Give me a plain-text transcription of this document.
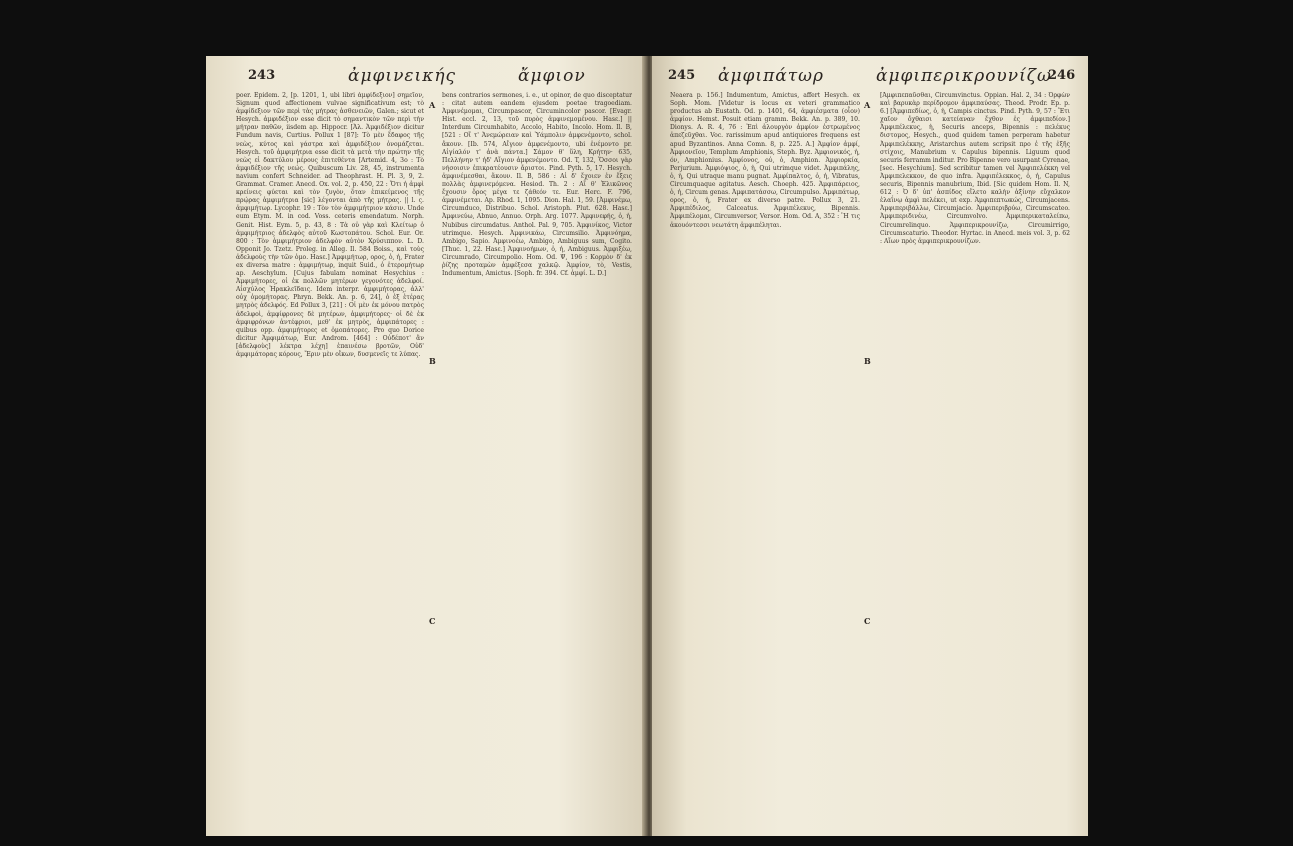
243	ἀμφινεικής	ἄμφιον

poer. Epidem. 2, [p. 1201, 1, ubi libri ἀμφίδεξιον] σημεῖον, Signum quod affectionem vulvae significativum est; τὸ ἀμφίδεξιον τῶν περὶ τὰς μήτρας ἀσθενειῶν, Galen.; sicut et Hesych. ἀμφιδέξιον esse dicit τὸ σημαντικὸν τῶν περὶ τὴν μήτραν παθῶν, iisdem ap. Hippocr. [Ἀλ. Ἀμφιδέξιον dicitur Fundum navis, Curtius. Pollux 1 [87]: Τὸ μὲν ἔδαφος τῆς νεὼς, κύτος καὶ γάστρα καὶ ἀμφιδέξιον ὀνομάζεται. Hesych. τοῦ ἀμφιμήτρια esse dicit τὰ μετὰ τὴν πρώτην τῆς νεὼς εἰ δακτύλου μέρους ἐπιτεθέντα [Artemid. 4, 3o : Τὸ ἀμφιδέξιον τῆς νεώς. Quibuscum Liv. 28, 45, instrumenta navium confert Schneider. ad Theophrast. H. Pl. 3, 9, 2. Grammat. Cramer. Anecd. Ox. vol. 2, p. 450, 22 : Ὅτι ἡ ἀμφὶ κρείνεις φύεται καὶ τὸν ζυγὸν, ὅταν ἐπικείμενος τῆς πρῴρας ἀμφιμήτρια [sic] λέγονται ἀπὸ τῆς μήτρας. || l. ς. ἀμφιμήτωρ. Lycophr. 19 : Τὸν τὸν ἀμφιμήτριον κάσιν. Unde eum Etym. M. in cod. Voss. ceteris emendatum. Norph. Genit. Hist. Eym. 5, p. 43, 8 : Τὰ οὐ γὰρ καὶ Κλείτωρ ὁ ἀμφιμήτριος ἀδελφὸς αὐτοῦ Κωστοπάτου. Schol. Eur. Or. 800 : Τὸν ἀμφιμήτριον ἀδελφὸν αὐτὸν Χρύσιππον. L. D. Opponit Jo. Tzetz. Proleg. in Alleg. Il. 584 Boiss., καὶ τοὺς ἀδελφοὺς τὴν τῶν ὁμο. Hasε.] Ἀμφιμήτωρ, ορος, ὁ, ἡ, Frater ex diversa matre : ἀμφιμήτωρ, inquit Suid., ὁ ἐτερομήτωρ ap. Aeschylum. [Cujus fabulam nominat Hesychius : Ἀμφιμήτορες, οἱ ἐκ πολλῶν μητέρων γεγονότες ἀδελφοί. Αἰσχύλος Ἡρακλεῖδαις. Idem interpr. ἀμφιμήτορας, ἀλλ' οὐχ ὁμομήτορας. Phryn. Bekk. An. p. 6, 24], ὁ ἐξ ἑτέρας μητρὸς ἀδελφός. Ed Pollux 3, [21] : Οἱ μὲν ἐκ μόνου πατρὸς ἀδελφοὶ, ἀμφίφρονες δὲ μητέρων, ἀμφιμήτορες· οἱ δὲ ἐκ ἀμφιφρόνων ἀντέφριοι, μεθ' ἐκ μητρὸς, ἀμφιπάτορες : quibus opp. ἀμφιμήτορες et ὁμοπάτορες. Pro quo Dorice dicitur Ἀμφιμάτωρ, Eur. Androm. [464] : Οὐδέποτ' ἂν [ἀδελφοὺς] λέκτρα λέχη] ἐπαινέσω βροτῶν, Οὐδ' ἀμφιμάτορας κόρους, Ἔριν μὲν οἴκων, δυσμενεῖς τε λύπας.

A
B
C

bens contrarios sermones, i. e., ut opinor, de quo disceptatur : citat autem eandem ejusdem poetae tragoediam. Ἀμφινέμομαι, Circumpascor, Circumincolor pascor. [Evagr. Hist. eccl. 2, 13, τοῦ πυρὸς ἀμφινεμομένου. Hasε.] || Interdum Circumhabito, Accolo, Habito, Incolo. Hom. Il. B, [521 : Οἵ τ' Ἀνεμώρειαν καὶ Ὑάμπολιν ἀμφενέμοντο, schol. ἄκουν. [Ib. 574, Αἴγιον ἀμφενέμοντο, ubi ἐνέμοντο pr. Αἰγίαλόν τ' ἀνὰ πάντα.] Σάμον θ' ὕλη, Κρήτην· 635, Πελλήνην τ' ἠδ' Αἴγιον ἀμφενέμοντο. Od. T, 132, Ὅσσοι γὰρ νήσοισιν ἐπικρατέουσιν ἄριστοι. Pind. Pyth. 5, 17. Hesych. ἀμφινέμεσθαι, ἄκουν. Il. B, 586 : Αἱ δ' ἔχοιεν ἐν ἕξεις πολλὰς ἀμφινεμόμενα. Hesiod. Th. 2 : Αἵ θ' Ἑλικῶνος ἔχουσιν ὄρος μέγα τε ζάθεόν τε. Eur. Herc. F. 796, ἀμφινέμεται. Ap. Rhod. 1, 1095. Dion. Hal. 1, 59. [Ἀμφινέμω, Circumduco, Distribuo. Schol. Aristoph. Plut. 628. Hasε.] Ἀμφινεύω, Abnuo, Annuo. Orph. Arg. 1077. Ἀμφινεφής, ὁ, ἡ, Nubibus circumdatus. Anthol. Pal. 9, 705. Ἀμφινίκος, Victor utrimque. Hesych. Ἀμφινικάω, Circumsilio. Ἀμφινόημα, Ambigo, Sapio. Ἀμφινοέω, Ambigo, Ambiguus sum, Cogito. [Thuc. 1, 22. Hasε.] Ἀμφινοήμων, ὁ, ἡ, Ambiguus. Ἀμφιξέω, Circumrado, Circumpolio. Hom. Od. Ψ, 196 : Κορμὸν δ' ἐκ ῥίζης προταμὼν ἀμφέξεσα χαλκῷ. Ἀμφίον, τὸ, Vestis, Indumentum, Amictus. [Soph. fr. 394. Cf. ἀμφί. L. D.]

245 ἀμφιπάτωρ	ἀμφιπερικρουνίζω
246

Neaera p. 156.] Indumentum, Amictus, affert Hesych. ex Soph. Mom. [Videtur is locus ex veteri grammatico productus ab Eustath. Od. p. 1401, 64, ἀμφιέσματα (οἷον) ἀμφίον. Hemst. Posuit etiam gramm. Bekk. An. p. 389, 10. Dionys. A. R. 4, 76 : Ἐπὶ ἀλουργὸν ἀμφίον ἐστρωμένος ἀπεζεῦχθαι. Voc. rarissimum apud antiquiores frequens est apud Byzantinos. Anna Comn. 8, p. 225. A.] Ἀμφίον ἀμφί, Ἀμφιονεῖον, Templum Amphionis, Steph. Byz. Ἀμφιονικός, ἡ, όν, Amphionius. Ἀμφίονος, οὐ, ὁ, Amphion. Ἀμφιορκία, Perjurium. Ἀμφιόψιος, ὁ, ἡ, Qui utrimque videt. Ἀμφιπάλης, ὁ, ἡ, Qui utraque manu pugnat. Ἀμφίπαλτος, ὁ, ἡ, Vibratus, Circumquaque agitatus. Aesch. Choeph. 425. Ἀμφιπάρειος, ὁ, ἡ, Circum genas. Ἀμφιπατάσσω, Circumpulso. Ἀμφιπάτωρ, ορος, ὁ, ἡ, Frater ex diverso patre. Pollux 3, 21. Ἀμφιπέδιλος, Calceatus. Ἀμφιπέλεκυς, Bipennis. Ἀμφιπέλομαι, Circumversor, Versor. Hom. Od. A, 352 : Ἣ τις ἀκουόντεσσι νεωτάτη ἀμφιπέληται.

A
B
C

[Ἀμφιπεπαῦσθαι, Circumvinctus. Oppian. Hal. 2, 34 : Ὀρφὼν καὶ βαρυκὰρ περίδρομον ἀμφιπαύσας. Theod. Prodr. Ep. p. 6.] [Ἀμφιπεδίως, ὁ, ἡ, Campis cinctus. Pind. Pyth. 9, 57 : Ἔτι χαῖον ὄχθαισι κατείαναν ἔχθον ἐς ἀμφιπεδίον.] Ἀμφιπέλεκυς, ἡ, Securis anceps, Bipennis : πελέκυς διστομος, Hesych., quod quidem tamen perperam habetur Ἀμφιπελέκκης, Aristarchus autem scripsit προ ἐ τῆς ἐξῆς στίχοις, Manubrium v. Capulus bipennis. Liguum quod securis ferramm inditur. Pro Bipenne vero usurpant Cyrenae, [sec. Hesychium]. Sed scribitur tamen vel Ἀμφιπελέκκη vel Ἀμφιπελεκκον, de quo infra. Ἀμφιπέλεκκος, ὁ, ἡ, Capulus securis, Bipennis manubrium, Ibid. [Sic quidem Hom. Il. N, 612 : Ὁ δ' ὑπ' ἀσπίδος εἵλετο καλὴν ἀξίνην εὔχαλκον ἐλαΐνῳ ἀμφὶ πελέκει, ut exp. Ἀμφιπεπτωκώς, Circumjacens. Ἀμφιπεριβάλλω, Circumjacio. Ἀμφιπεριβρύω, Circumscateo. Ἀμφιπεριδινέω, Circumvolvo. Ἀμφιπερικαταλείπω, Circumrelinquo. Ἀμφιπερικρουνίζω, Circumirrigo, Circumscaturio. Theodor. Hyrtac. in Anecd. meis vol. 3, p. 62 : Αἴων πρὸς ἀμφιπερικρουνίζων.
